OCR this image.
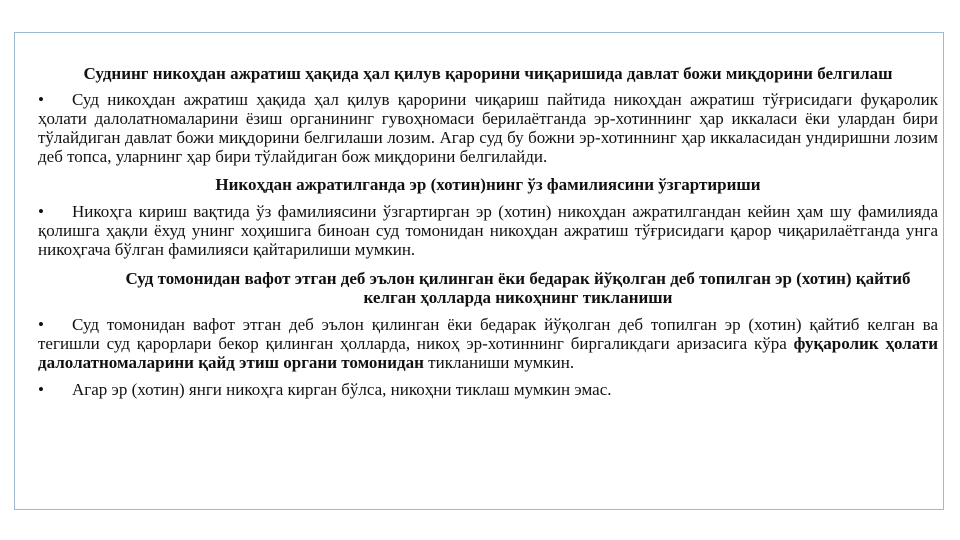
Суднинг никоҳдан ажратиш ҳақида ҳал қилув қарорини чиқаришида давлат божи миқдорини белгилаш

• Суд никоҳдан ажратиш ҳақида ҳал қилув қарорини чиқариш пайтида никоҳдан ажратиш тўғрисидаги фуқаролик ҳолати далолатномаларини ёзиш органининг гувоҳномаси берилаётганда эр-хотиннинг ҳар иккаласи ёки улардан бири тўлайдиган давлат божи миқдорини белгилаши лозим. Агар суд бу божни эр-хотиннинг ҳар иккаласидан ундиришни лозим деб топса, уларнинг ҳар бири тўлайдиган бож миқдорини белгилайди.

Никоҳдан ажратилганда эр (хотин)нинг ўз фамилиясини ўзгартириши

• Никоҳга кириш вақтида ўз фамилиясини ўзгартирган эр (хотин) никоҳдан ажратилгандан кейин ҳам шу фамилияда қолишга ҳақли ёхуд унинг хоҳишига биноан суд томонидан никоҳдан ажратиш тўғрисидаги қарор чиқарилаётганда унга никоҳгача бўлган фамилияси қайтарилиши мумкин.

Суд томонидан вафот этган деб эълон қилинган ёки бедарак йўқолган деб топилган эр (хотин) қайтиб келган ҳолларда никоҳнинг тикланиши

• Суд томонидан вафот этган деб эълон қилинган ёки бедарак йўқолган деб топилган эр (хотин) қайтиб келган ва тегишли суд қарорлари бекор қилинган ҳолларда, никоҳ эр-хотиннинг биргаликдаги аризасига кўра фуқаролик ҳолати далолатномаларини қайд этиш органи томонидан тикланиши мумкин.

• Агар эр (хотин) янги никоҳга кирган бўлса, никоҳни тиклаш мумкин эмас.
